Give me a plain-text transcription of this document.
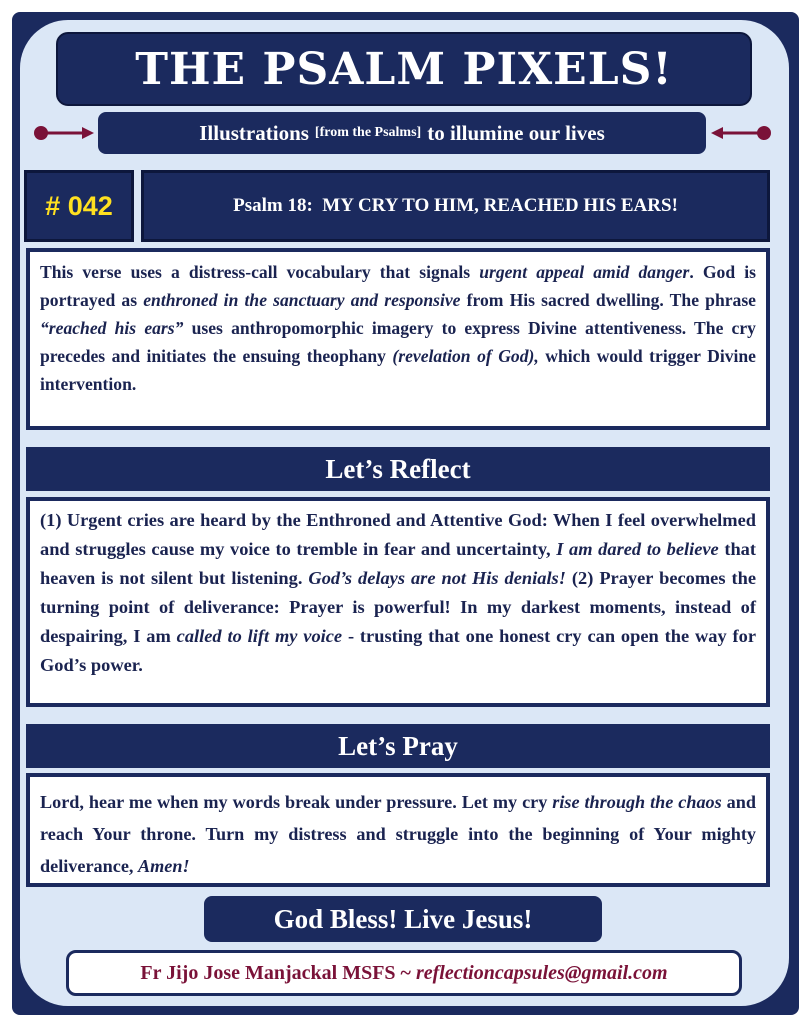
THE PSALM PIXELS!
Illustrations [from the Psalms] to illumine our lives
# 042	Psalm 18:  MY CRY TO HIM, REACHED HIS EARS!
This verse uses a distress-call vocabulary that signals urgent appeal amid danger. God is portrayed as enthroned in the sanctuary and responsive from His sacred dwelling. The phrase “reached his ears” uses anthropomorphic imagery to express Divine attentiveness. The cry precedes and initiates the ensuing theophany (revelation of God), which would trigger Divine intervention.
Let’s Reflect
(1) Urgent cries are heard by the Enthroned and Attentive God: When I feel overwhelmed and struggles cause my voice to tremble in fear and uncertainty, I am dared to believe that heaven is not silent but listening. God’s delays are not His denials! (2) Prayer becomes the turning point of deliverance: Prayer is powerful! In my darkest moments, instead of despairing, I am called to lift my voice - trusting that one honest cry can open the way for God’s power.
Let’s Pray
Lord, hear me when my words break under pressure. Let my cry rise through the chaos and reach Your throne. Turn my distress and struggle into the beginning of Your mighty deliverance, Amen!
God Bless! Live Jesus!
Fr Jijo Jose Manjackal MSFS ~ reflectioncapsules@gmail.com
